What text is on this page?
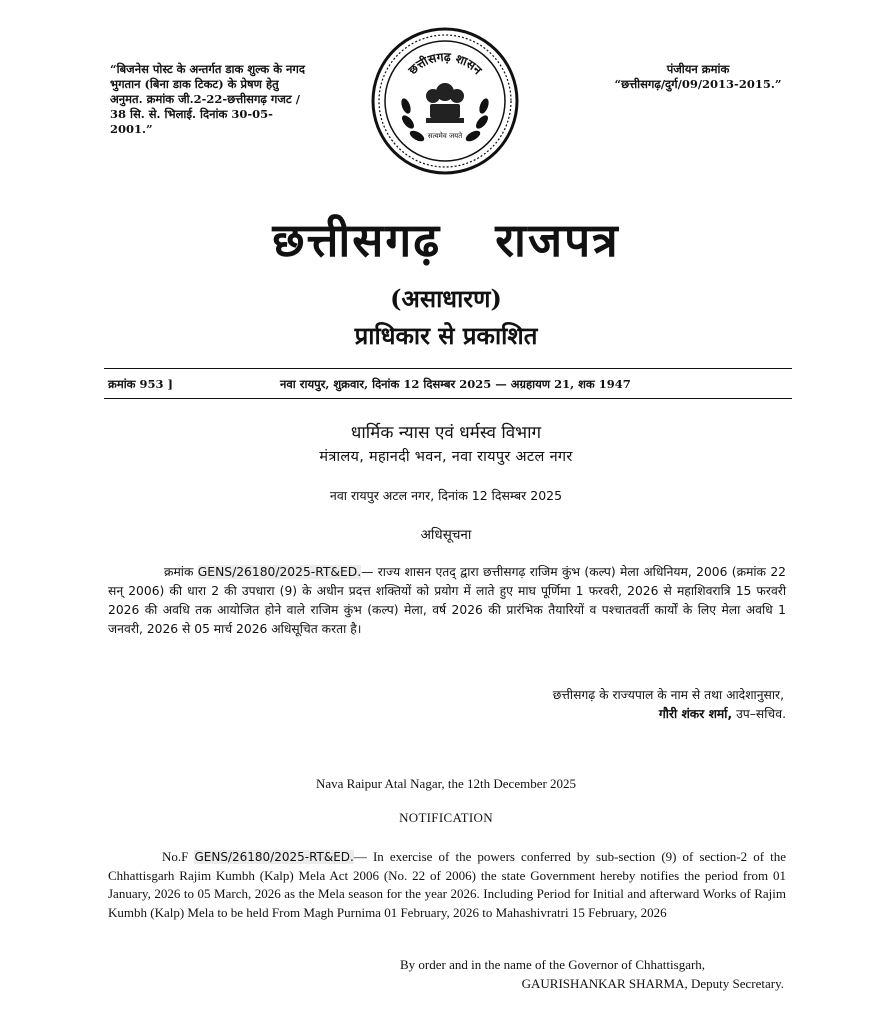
“बिजनेस पोस्ट के अन्तर्गत डाक शुल्क के नगद भुगतान (बिना डाक टिकट) के प्रेषण हेतु अनुमत. क्रमांक जी.2-22-छत्तीसगढ़ गजट / 38 सि. से. भिलाई. दिनांक 30-05-2001.”
पंजीयन क्रमांक
“छत्तीसगढ़/दुर्ग/09/2013-2015.”
छत्तीसगढ़ शासन
सत्यमेव जयते
छत्तीसगढ़   राजपत्र
(असाधारण)
प्राधिकार से प्रकाशित
क्रमांक 953 ]	नवा रायपुर, शुक्रवार, दिनांक 12 दिसम्बर 2025 — अग्रहायण 21, शक 1947
धार्मिक न्यास एवं धर्मस्व विभाग
मंत्रालय, महानदी भवन, नवा रायपुर अटल नगर
नवा रायपुर अटल नगर, दिनांक 12 दिसम्बर 2025
अधिसूचना
क्रमांक GENS/26180/2025-RT&ED.— राज्य शासन एतद् द्वारा छत्तीसगढ़ राजिम कुंभ (कल्प) मेला अधिनियम, 2006 (क्रमांक 22 सन् 2006) की धारा 2 की उपधारा (9) के अधीन प्रदत्त शक्तियों को प्रयोग में लाते हुए माघ पूर्णिमा 1 फरवरी, 2026 से महाशिवरात्रि 15 फरवरी 2026 की अवधि तक आयोजित होने वाले राजिम कुंभ (कल्प) मेला, वर्ष 2026 की प्रारंभिक तैयारियों व पश्चातवर्ती कार्यों के लिए मेला अवधि 1 जनवरी, 2026 से 05 मार्च 2026 अधिसूचित करता है।
छत्तीसगढ़ के राज्यपाल के नाम से तथा आदेशानुसार,
गौरी शंकर शर्मा, उप–सचिव.
Nava Raipur Atal Nagar, the 12th December 2025
NOTIFICATION
No.F GENS/26180/2025-RT&ED.— In exercise of the powers conferred by sub-section (9) of section-2 of the Chhattisgarh Rajim Kumbh (Kalp) Mela Act 2006 (No. 22 of 2006) the state Government hereby notifies the period from 01 January, 2026 to 05 March, 2026 as the Mela season for the year 2026. Including Period for Initial and afterward Works of Rajim Kumbh (Kalp) Mela to be held From Magh Purnima 01 February, 2026 to Mahashivratri 15 February, 2026
By order and in the name of the Governor of Chhattisgarh,
GAURISHANKAR SHARMA, Deputy Secretary.
